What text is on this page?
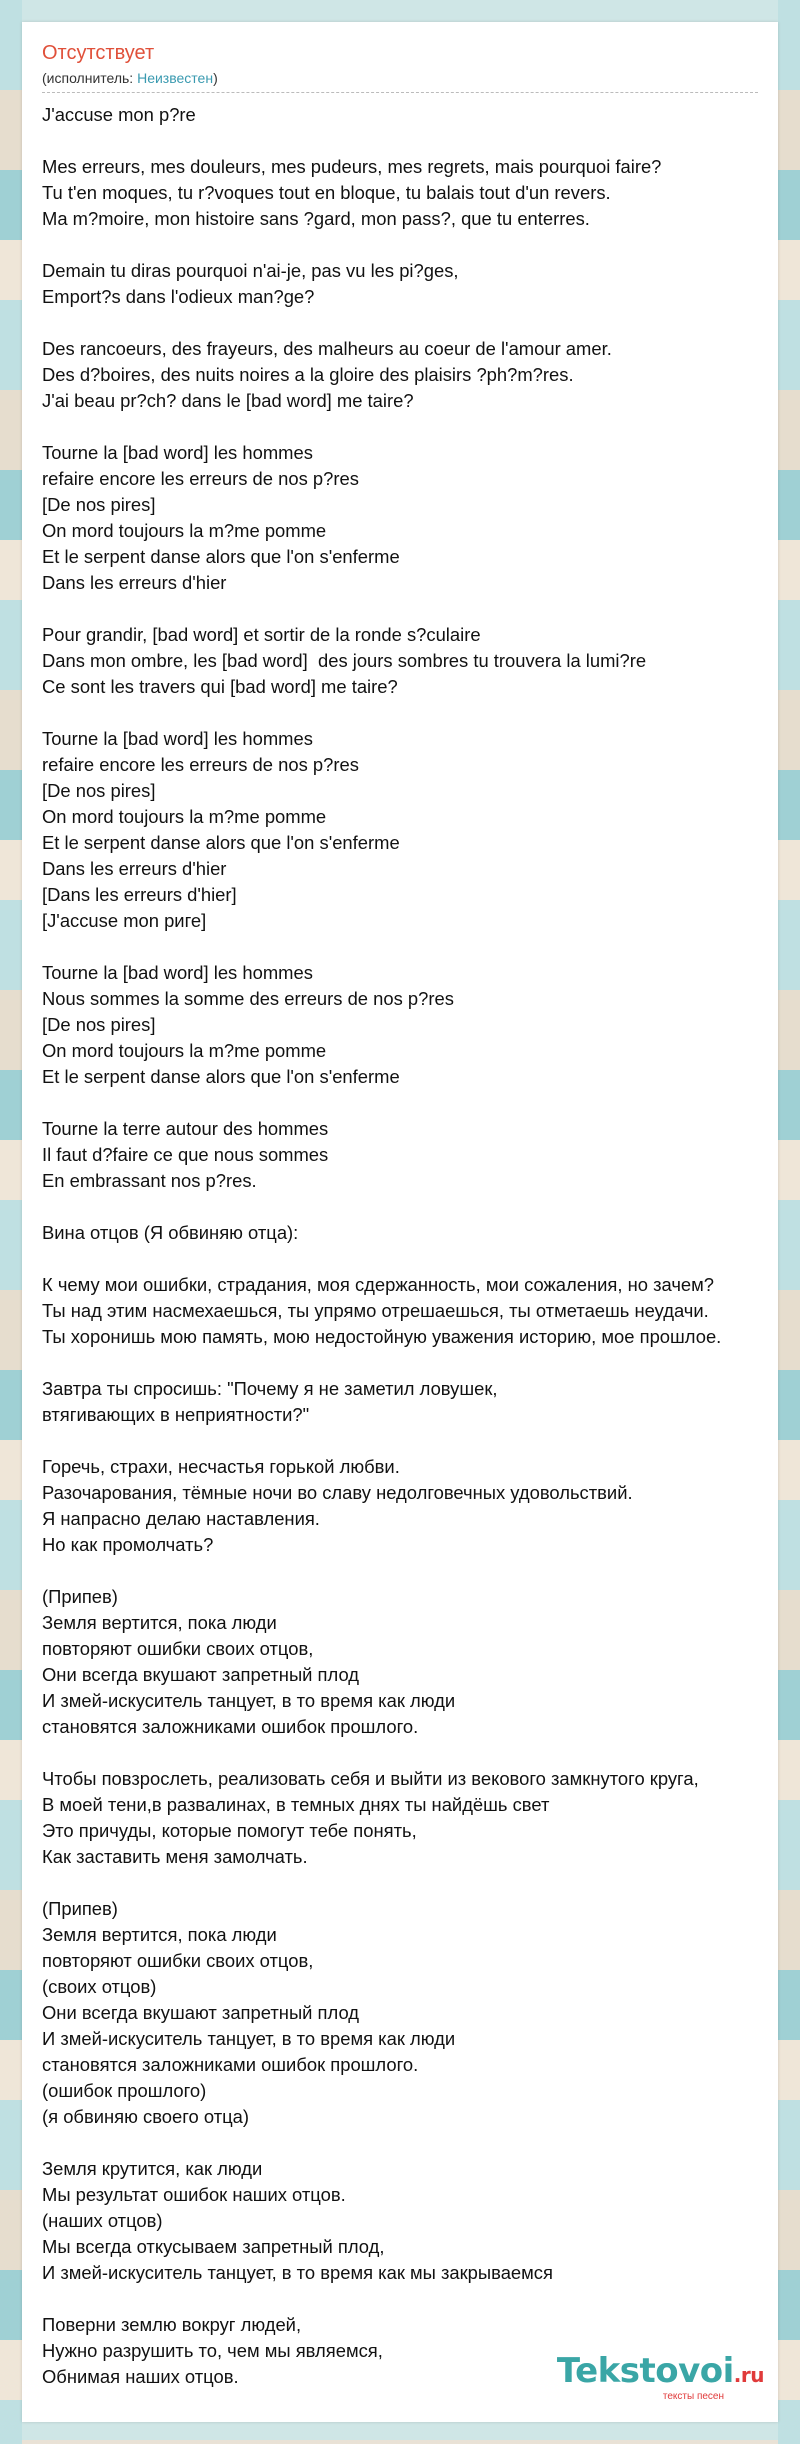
Отсутствует
(исполнитель: Неизвестен)
J'accuse mon p?re
Mes erreurs, mes douleurs, mes pudeurs, mes regrets, mais pourquoi faire?
Tu t'en moques, tu r?voques tout en bloque, tu balais tout d'un revers.
Ma m?moire, mon histoire sans ?gard, mon pass?, que tu enterres.
Demain tu diras pourquoi n'ai-je, pas vu les pi?ges,
Emport?s dans l'odieux man?ge?
Des rancoeurs, des frayeurs, des malheurs au coeur de l'amour amer.
Des d?boires, des nuits noires a la gloire des plaisirs ?ph?m?res.
J'ai beau pr?ch? dans le [bad word] me taire?
Tourne la [bad word] les hommes
refaire encore les erreurs de nos p?res
[De nos pires]
On mord toujours la m?me pomme
Et le serpent danse alors que l'on s'enferme
Dans les erreurs d'hier
Pour grandir, [bad word] et sortir de la ronde s?culaire
Dans mon ombre, les [bad word]  des jours sombres tu trouvera la lumi?re
Ce sont les travers qui [bad word] me taire?
Tourne la [bad word] les hommes
refaire encore les erreurs de nos p?res
[De nos pires]
On mord toujours la m?me pomme
Et le serpent danse alors que l'on s'enferme
Dans les erreurs d'hier
[Dans les erreurs d'hier]
[J'accuse mon риге]
Tourne la [bad word] les hommes
Nous sommes la somme des erreurs de nos p?res
[De nos pires]
On mord toujours la m?me pomme
Et le serpent danse alors que l'on s'enferme
Tourne la terre autour des hommes
Il faut d?faire ce que nous sommes
En embrassant nos p?res.
Вина отцов (Я обвиняю отца):
К чему мои ошибки, страдания, моя сдержанность, мои сожаления, но зачем?
Ты над этим насмехаешься, ты упрямо отрешаешься, ты отметаешь неудачи.
Ты хоронишь мою память, мою недостойную уважения историю, мое прошлое.
Завтра ты спросишь: "Почему я не заметил ловушек,
втягивающих в неприятности?"
Горечь, страхи, несчастья горькой любви.
Разочарования, тёмные ночи во славу недолговечных удовольствий.
Я напрасно делаю наставления.
Но как промолчать?
(Припев)
Земля вертится, пока люди
повторяют ошибки своих отцов,
Они всегда вкушают запретный плод
И змей-искуситель танцует, в то время как люди
становятся заложниками ошибок прошлого.
Чтобы повзрослеть, реализовать себя и выйти из векового замкнутого круга,
В моей тени,в развалинах, в темных днях ты найдёшь свет
Это причуды, которые помогут тебе понять,
Как заставить меня замолчать.
(Припев)
Земля вертится, пока люди
повторяют ошибки своих отцов,
(своих отцов)
Они всегда вкушают запретный плод
И змей-искуситель танцует, в то время как люди
становятся заложниками ошибок прошлого.
(ошибок прошлого)
(я обвиняю своего отца)
Земля крутится, как люди
Мы результат ошибок наших отцов.
(наших отцов)
Мы всегда откусываем запретный плод,
И змей-искуситель танцует, в то время как мы закрываемся
Поверни землю вокруг людей,
Нужно разрушить то, чем мы являемся,
Обнимая наших отцов.	Tekstovoi.ru
тексты песен
